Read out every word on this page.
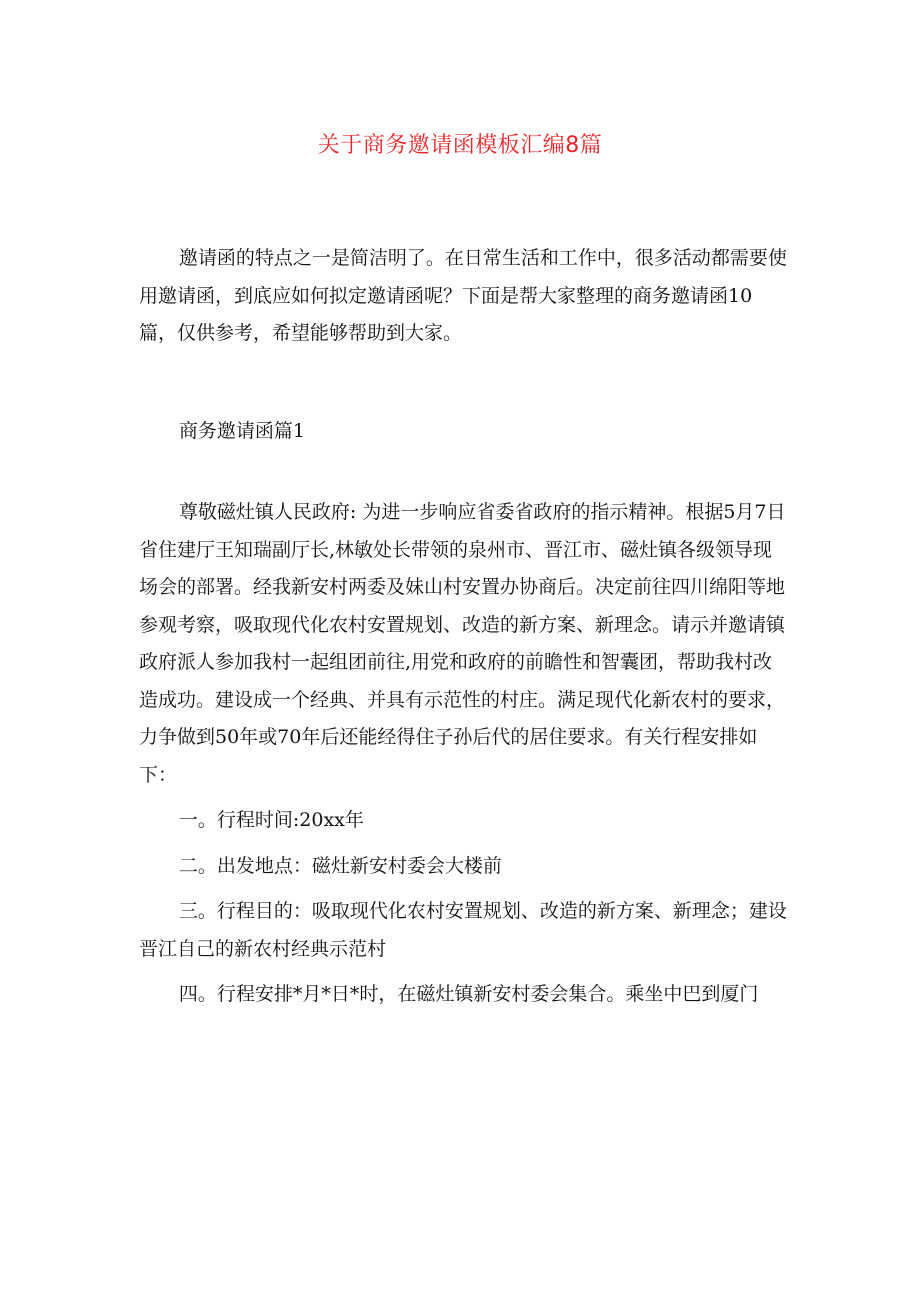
关于商务邀请函模板汇编8篇

邀请函的特点之一是简洁明了。在日常生活和工作中，很多活动都需要使用邀请函，到底应如何拟定邀请函呢？下面是帮大家整理的商务邀请函10篇，仅供参考，希望能够帮助到大家。

商务邀请函篇1

尊敬磁灶镇人民政府: 为进一步响应省委省政府的指示精神。根据5月7日省住建厅王知瑞副厅长,林敏处长带领的泉州市、晋江市、磁灶镇各级领导现场会的部署。经我新安村两委及妹山村安置办协商后。决定前往四川绵阳等地参观考察，吸取现代化农村安置规划、改造的新方案、新理念。请示并邀请镇政府派人参加我村一起组团前往,用党和政府的前瞻性和智囊团，帮助我村改造成功。建设成一个经典、并具有示范性的村庄。满足现代化新农村的要求，力争做到50年或70年后还能经得住子孙后代的居住要求。有关行程安排如下：

一。行程时间:20xx年

二。出发地点：磁灶新安村委会大楼前

三。行程目的：吸取现代化农村安置规划、改造的新方案、新理念；建设晋江自己的新农村经典示范村

四。行程安排*月*日*时，在磁灶镇新安村委会集合。乘坐中巴到厦门
